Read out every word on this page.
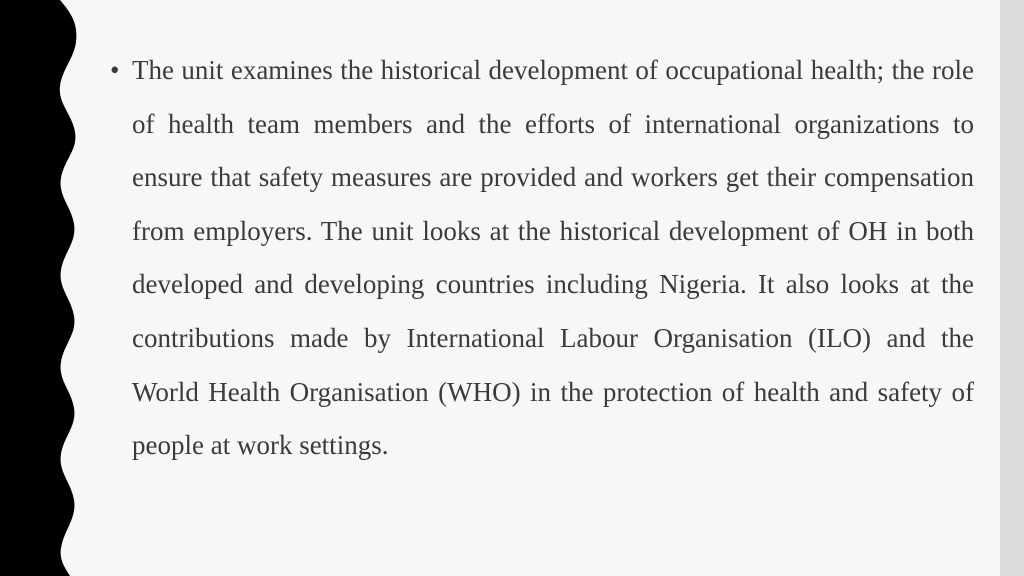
• The unit examines the historical development of occupational health; the role of health team members and the efforts of international organizations to ensure that safety measures are provided and workers get their compensation from employers. The unit looks at the historical development of OH in both developed and developing countries including Nigeria. It also looks at the contributions made by International Labour Organisation (ILO) and the World Health Organisation (WHO) in the protection of health and safety of people at work settings.
